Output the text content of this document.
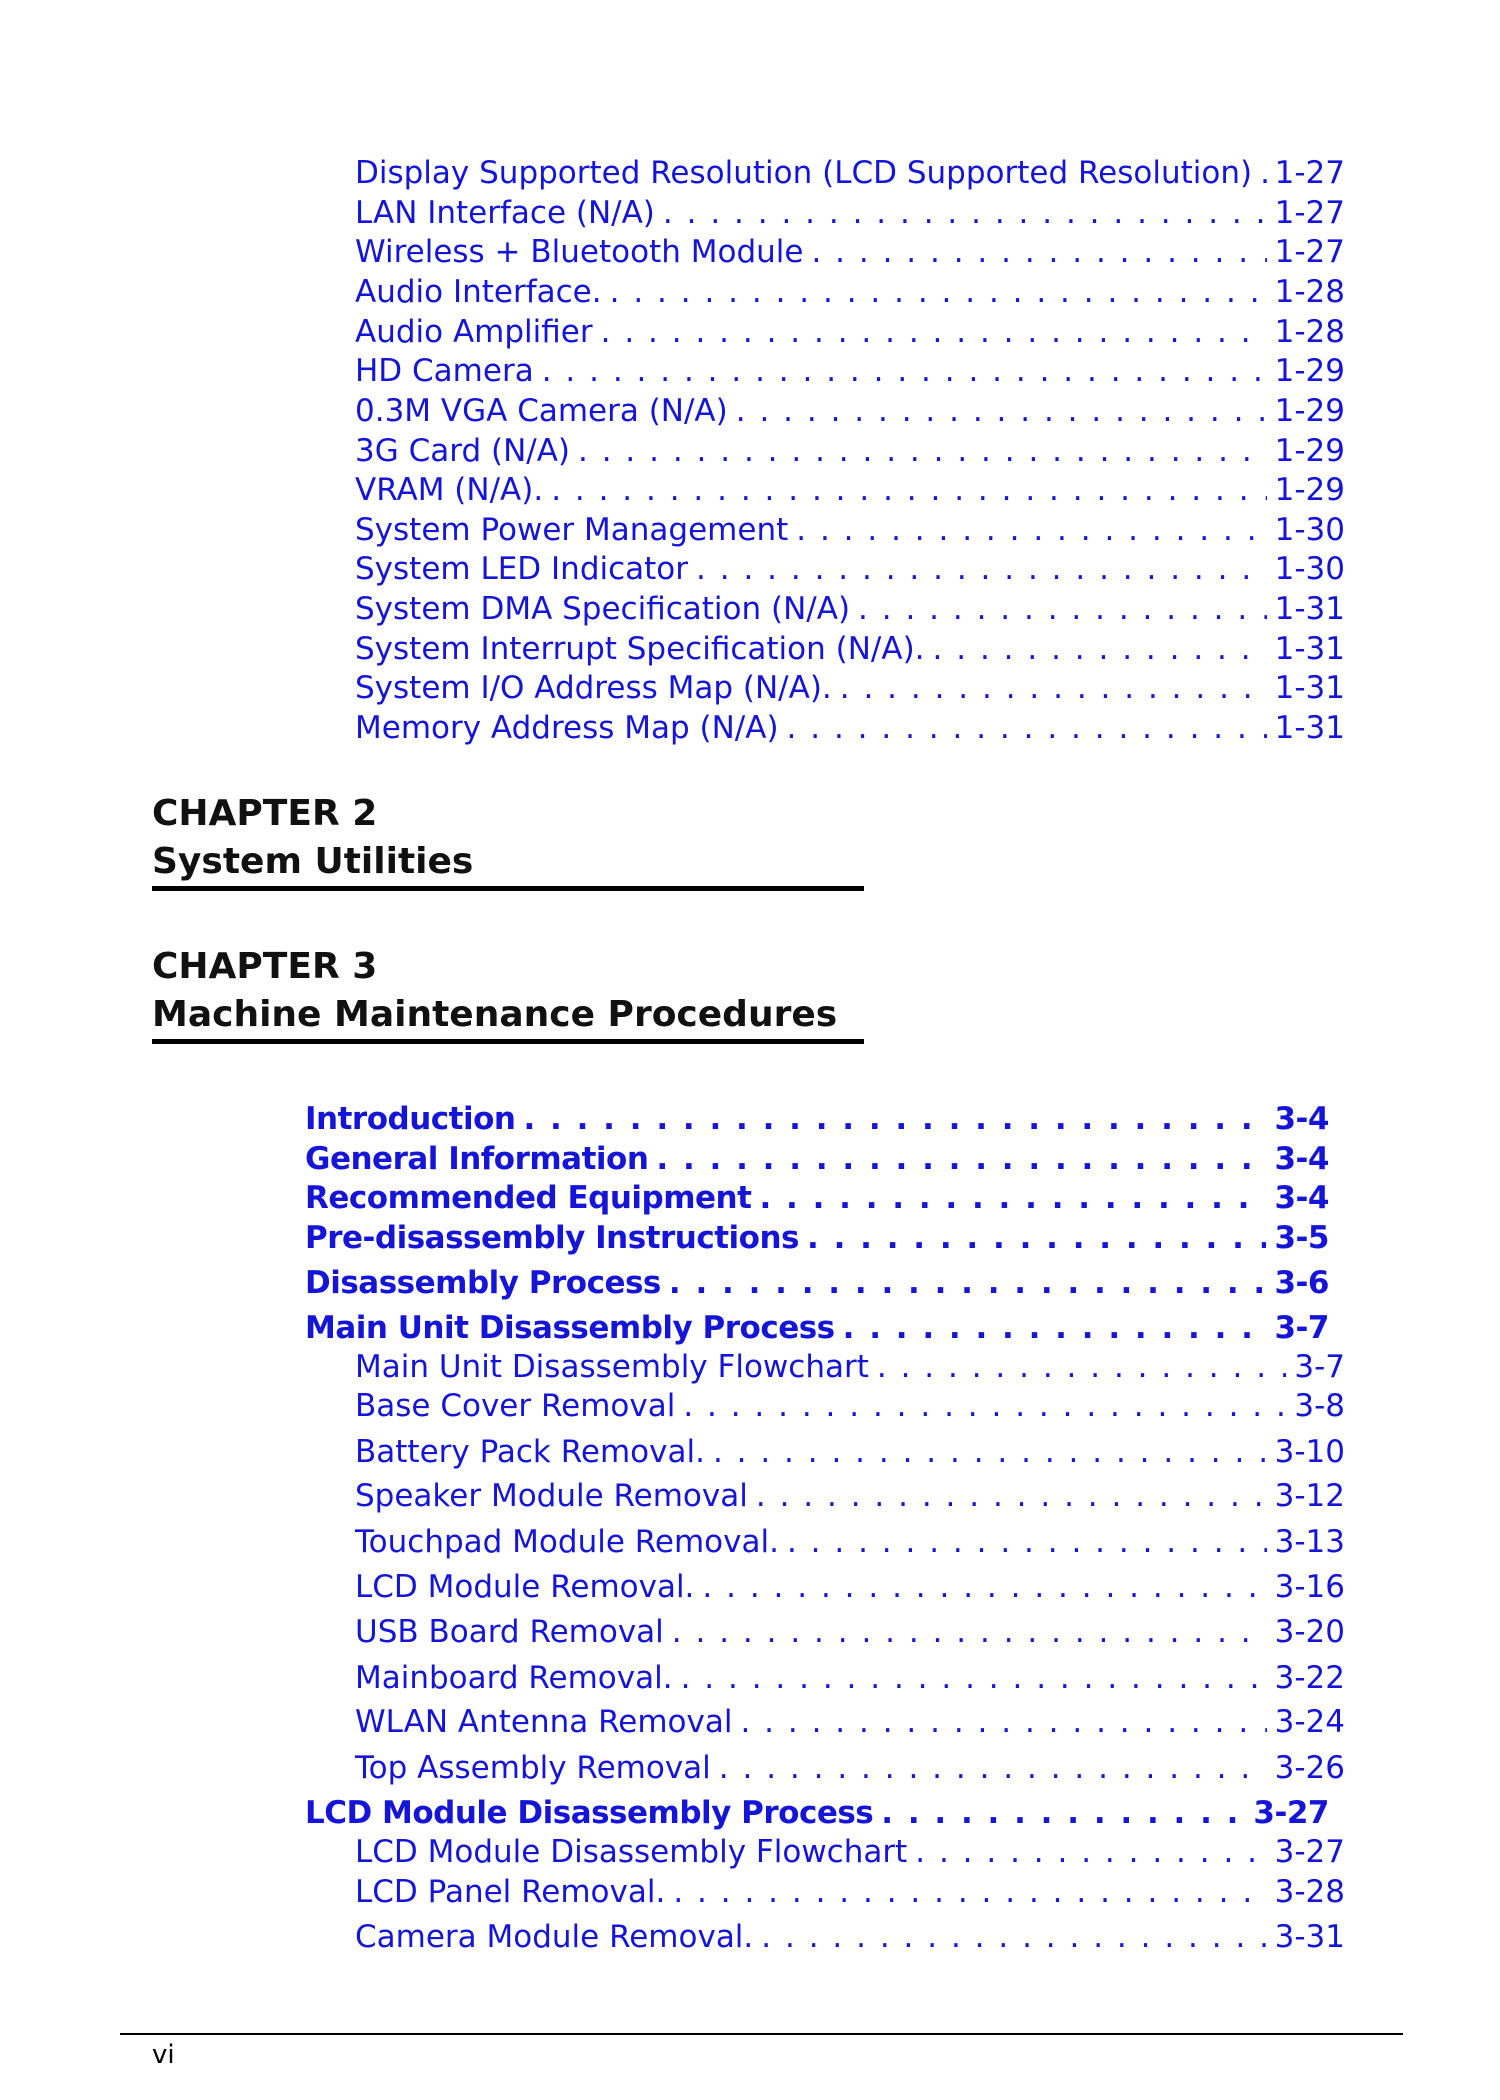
Display Supported Resolution (LCD Supported Resolution) . . . 1-27
LAN Interface (N/A) . . .	1-27
Wireless + Bluetooth Module . . .	1-27
Audio Interface. . . .	1-28
Audio Amplifier . . .	1-28
HD Camera . . .	1-29
0.3M VGA Camera (N/A) . . .	1-29
3G Card (N/A) . . .	1-29
VRAM (N/A). . . .	1-29
System Power Management . . .	1-30
System LED Indicator . . .	1-30
System DMA Specification (N/A) . . .	1-31
System Interrupt Specification (N/A). . . .	1-31
System I/O Address Map (N/A). . . .	1-31
Memory Address Map (N/A) . . .	1-31
CHAPTER 2
System Utilities
CHAPTER 3
Machine Maintenance Procedures
Introduction . . .	3-4
General Information . . .	3-4
Recommended Equipment . . .	3-4
Pre-disassembly Instructions . . .	3-5
Disassembly Process . . .	3-6
Main Unit Disassembly Process . . .	3-7
Main Unit Disassembly Flowchart . . .	3-7
Base Cover Removal . . .	3-8
Battery Pack Removal. . . .	3-10
Speaker Module Removal . . .	3-12
Touchpad Module Removal. . . .	3-13
LCD Module Removal. . . .	3-16
USB Board Removal . . .	3-20
Mainboard Removal. . . .	3-22
WLAN Antenna Removal . . .	3-24
Top Assembly Removal . . .	3-26
LCD Module Disassembly Process . . .	3-27
LCD Module Disassembly Flowchart . . .	3-27
LCD Panel Removal. . . .	3-28
Camera Module Removal. . . .	3-31
vi
